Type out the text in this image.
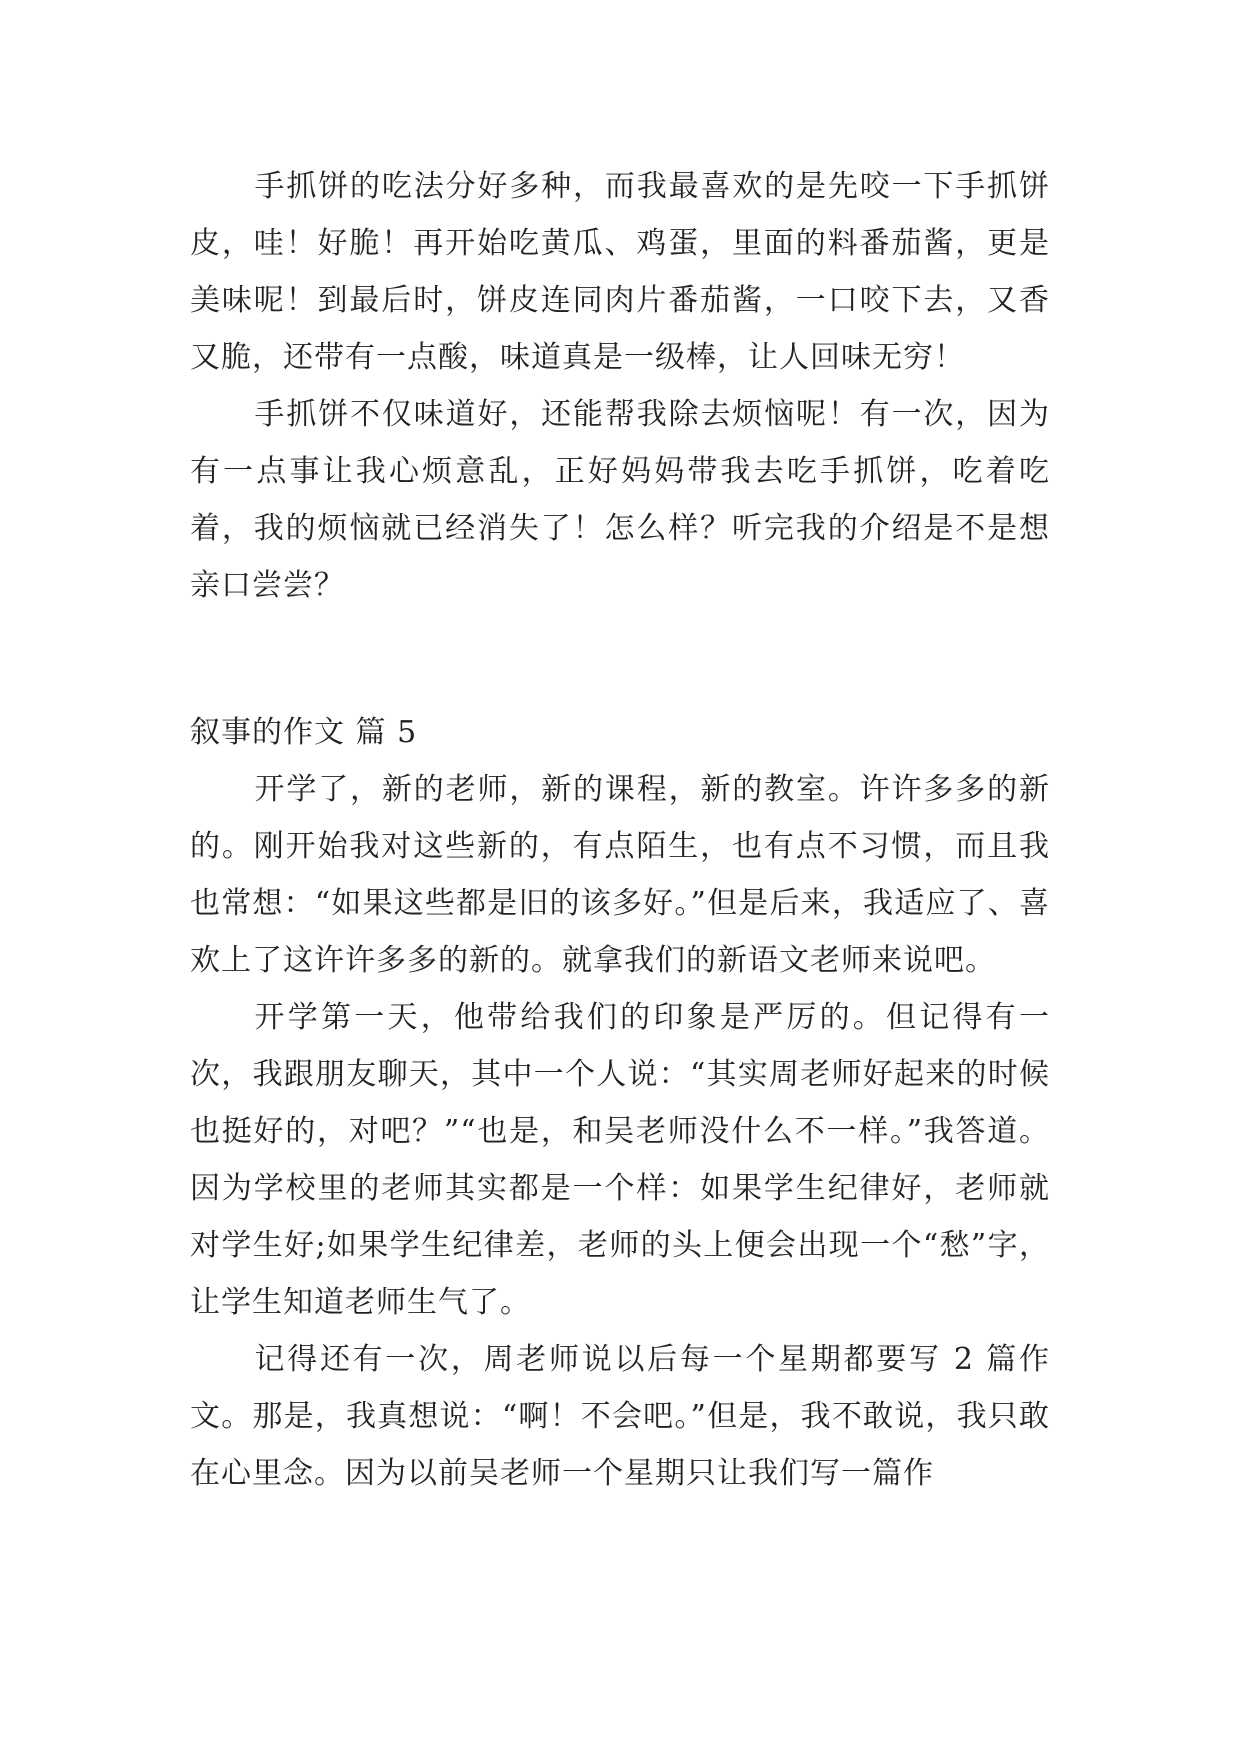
手抓饼的吃法分好多种，而我最喜欢的是先咬一下手抓饼皮，哇！好脆！再开始吃黄瓜、鸡蛋，里面的料番茄酱，更是美味呢！到最后时，饼皮连同肉片番茄酱，一口咬下去，又香又脆，还带有一点酸，味道真是一级棒，让人回味无穷！

手抓饼不仅味道好，还能帮我除去烦恼呢！有一次，因为有一点事让我心烦意乱，正好妈妈带我去吃手抓饼，吃着吃着，我的烦恼就已经消失了！怎么样？听完我的介绍是不是想亲口尝尝？

叙事的作文 篇 5

开学了，新的老师，新的课程，新的教室。许许多多的新的。刚开始我对这些新的，有点陌生，也有点不习惯，而且我也常想：“如果这些都是旧的该多好。”但是后来，我适应了、喜欢上了这许许多多的新的。就拿我们的新语文老师来说吧。

开学第一天，他带给我们的印象是严厉的。但记得有一次，我跟朋友聊天，其中一个人说：“其实周老师好起来的时候也挺好的，对吧？”“也是，和吴老师没什么不一样。”我答道。因为学校里的老师其实都是一个样：如果学生纪律好，老师就对学生好;如果学生纪律差，老师的头上便会出现一个“愁”字，让学生知道老师生气了。

记得还有一次，周老师说以后每一个星期都要写 2 篇作文。那是，我真想说：“啊！不会吧。”但是，我不敢说，我只敢在心里念。因为以前吴老师一个星期只让我们写一篇作
